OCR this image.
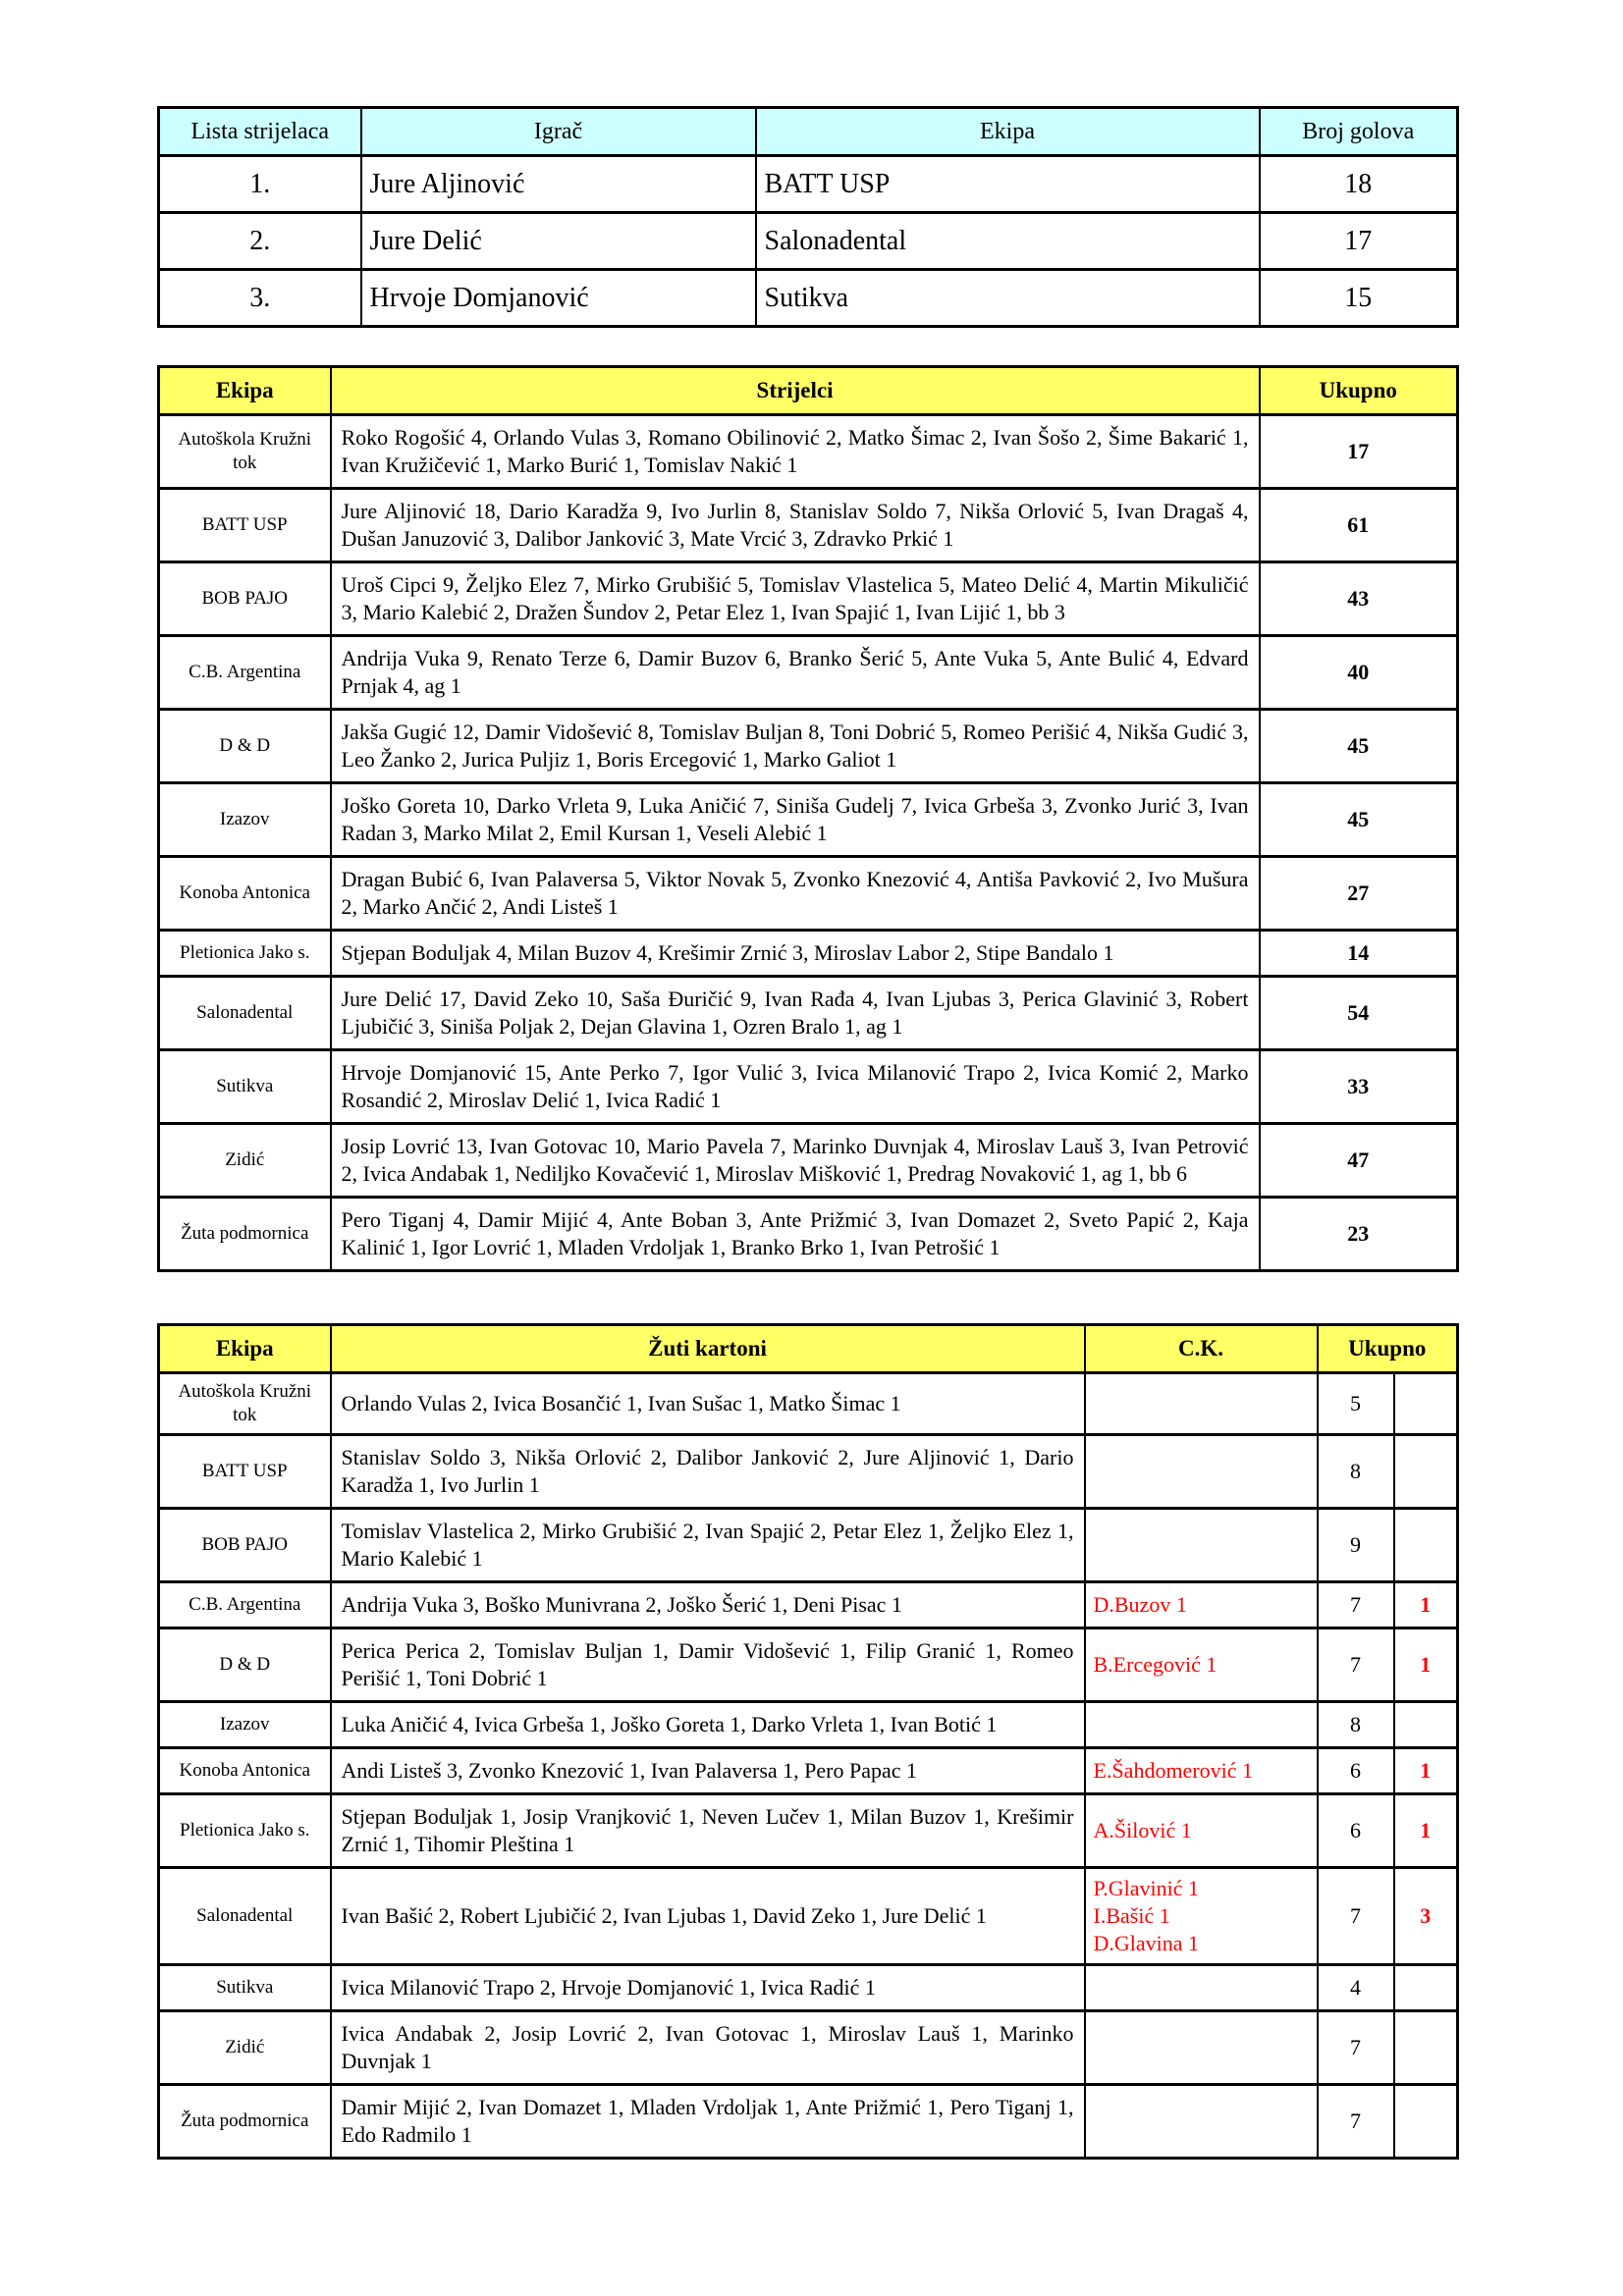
Lista strijelaca	Igrač	Ekipa	Broj golova
1.	Jure Aljinović	BATT USP	18
2.	Jure Delić	Salonadental	17
3.	Hrvoje Domjanović	Sutikva	15
Ekipa	Strijelci	Ukupno
Autoškola Kružni tok	Roko Rogošić 4, Orlando Vulas 3, Romano Obilinović 2, Matko Šimac 2, Ivan Šošo 2, Šime Bakarić 1, Ivan Kružičević 1, Marko Burić 1, Tomislav Nakić 1	17
BATT USP	Jure Aljinović 18, Dario Karadža 9, Ivo Jurlin 8, Stanislav Soldo 7, Nikša Orlović 5, Ivan Dragaš 4, Dušan Januzović 3, Dalibor Janković 3, Mate Vrcić 3, Zdravko Prkić 1	61
BOB PAJO	Uroš Cipci 9, Željko Elez 7, Mirko Grubišić 5, Tomislav Vlastelica 5, Mateo Delić 4, Martin Mikuličić 3, Mario Kalebić 2, Dražen Šundov 2, Petar Elez 1, Ivan Spajić 1, Ivan Lijić 1, bb 3	43
C.B. Argentina	Andrija Vuka 9, Renato Terze 6, Damir Buzov 6, Branko Šerić 5, Ante Vuka 5, Ante Bulić 4, Edvard Prnjak 4, ag 1	40
D & D	Jakša Gugić 12, Damir Vidošević 8, Tomislav Buljan 8, Toni Dobrić 5, Romeo Perišić 4, Nikša Gudić 3, Leo Žanko 2, Jurica Puljiz 1, Boris Ercegović 1, Marko Galiot 1	45
Izazov	Joško Goreta 10, Darko Vrleta 9, Luka Aničić 7, Siniša Gudelj 7, Ivica Grbeša 3, Zvonko Jurić 3, Ivan Radan 3, Marko Milat 2, Emil Kursan 1, Veseli Alebić 1	45
Konoba Antonica	Dragan Bubić 6, Ivan Palaversa 5, Viktor Novak 5, Zvonko Knezović 4, Antiša Pavković 2, Ivo Mušura 2, Marko Ančić 2, Andi Listeš 1	27
Pletionica Jako s.	Stjepan Boduljak 4, Milan Buzov 4, Krešimir Zrnić 3, Miroslav Labor 2, Stipe Bandalo 1	14
Salonadental	Jure Delić 17, David Zeko 10, Saša Đuričić 9, Ivan Rađa 4, Ivan Ljubas 3, Perica Glavinić 3, Robert Ljubičić 3, Siniša Poljak 2, Dejan Glavina 1, Ozren Bralo 1, ag 1	54
Sutikva	Hrvoje Domjanović 15, Ante Perko 7, Igor Vulić 3, Ivica Milanović Trapo 2, Ivica Komić 2, Marko Rosandić 2, Miroslav Delić 1, Ivica Radić 1	33
Zidić	Josip Lovrić 13, Ivan Gotovac 10, Mario Pavela 7, Marinko Duvnjak 4, Miroslav Lauš 3, Ivan Petrović 2, Ivica Andabak 1, Nediljko Kovačević 1, Miroslav Mišković 1, Predrag Novaković 1, ag 1, bb 6	47
Žuta podmornica	Pero Tiganj 4, Damir Mijić 4, Ante Boban 3, Ante Prižmić 3, Ivan Domazet 2, Sveto Papić 2, Kaja Kalinić 1, Igor Lovrić 1, Mladen Vrdoljak 1, Branko Brko 1, Ivan Petrošić 1	23
Ekipa	Žuti kartoni	C.K.	Ukupno	
Autoškola Kružni tok	Orlando Vulas 2, Ivica Bosančić 1, Ivan Sušac 1, Matko Šimac 1		5	
BATT USP	Stanislav Soldo 3, Nikša Orlović 2, Dalibor Janković 2, Jure Aljinović 1, Dario Karadža 1, Ivo Jurlin 1		8	
BOB PAJO	Tomislav Vlastelica 2, Mirko Grubišić 2, Ivan Spajić 2, Petar Elez 1, Željko Elez 1, Mario Kalebić 1		9	
C.B. Argentina	Andrija Vuka 3, Boško Munivrana 2, Joško Šerić 1, Deni Pisac 1	D.Buzov 1	7	1
D & D	Perica Perica 2, Tomislav Buljan 1, Damir Vidošević 1, Filip Granić 1, Romeo Perišić 1, Toni Dobrić 1	B.Ercegović 1	7	1
Izazov	Luka Aničić 4, Ivica Grbeša 1, Joško Goreta 1, Darko Vrleta 1, Ivan Botić 1		8	
Konoba Antonica	Andi Listeš 3, Zvonko Knezović 1, Ivan Palaversa 1, Pero Papac 1	E.Šahdomerović 1	6	1
Pletionica Jako s.	Stjepan Boduljak 1, Josip Vranjković 1, Neven Lučev 1, Milan Buzov 1, Krešimir Zrnić 1, Tihomir Pleština 1	A.Šilović 1	6	1
Salonadental	Ivan Bašić 2, Robert Ljubičić 2, Ivan Ljubas 1, David Zeko 1, Jure Delić 1	P.Glavinić 1
I.Bašić 1
D.Glavina 1	7	3
Sutikva	Ivica Milanović Trapo 2, Hrvoje Domjanović 1, Ivica Radić 1		4	
Zidić	Ivica Andabak 2, Josip Lovrić 2, Ivan Gotovac 1, Miroslav Lauš 1, Marinko Duvnjak 1		7	
Žuta podmornica	Damir Mijić 2, Ivan Domazet 1, Mladen Vrdoljak 1, Ante Prižmić 1, Pero Tiganj 1, Edo Radmilo 1		7	
